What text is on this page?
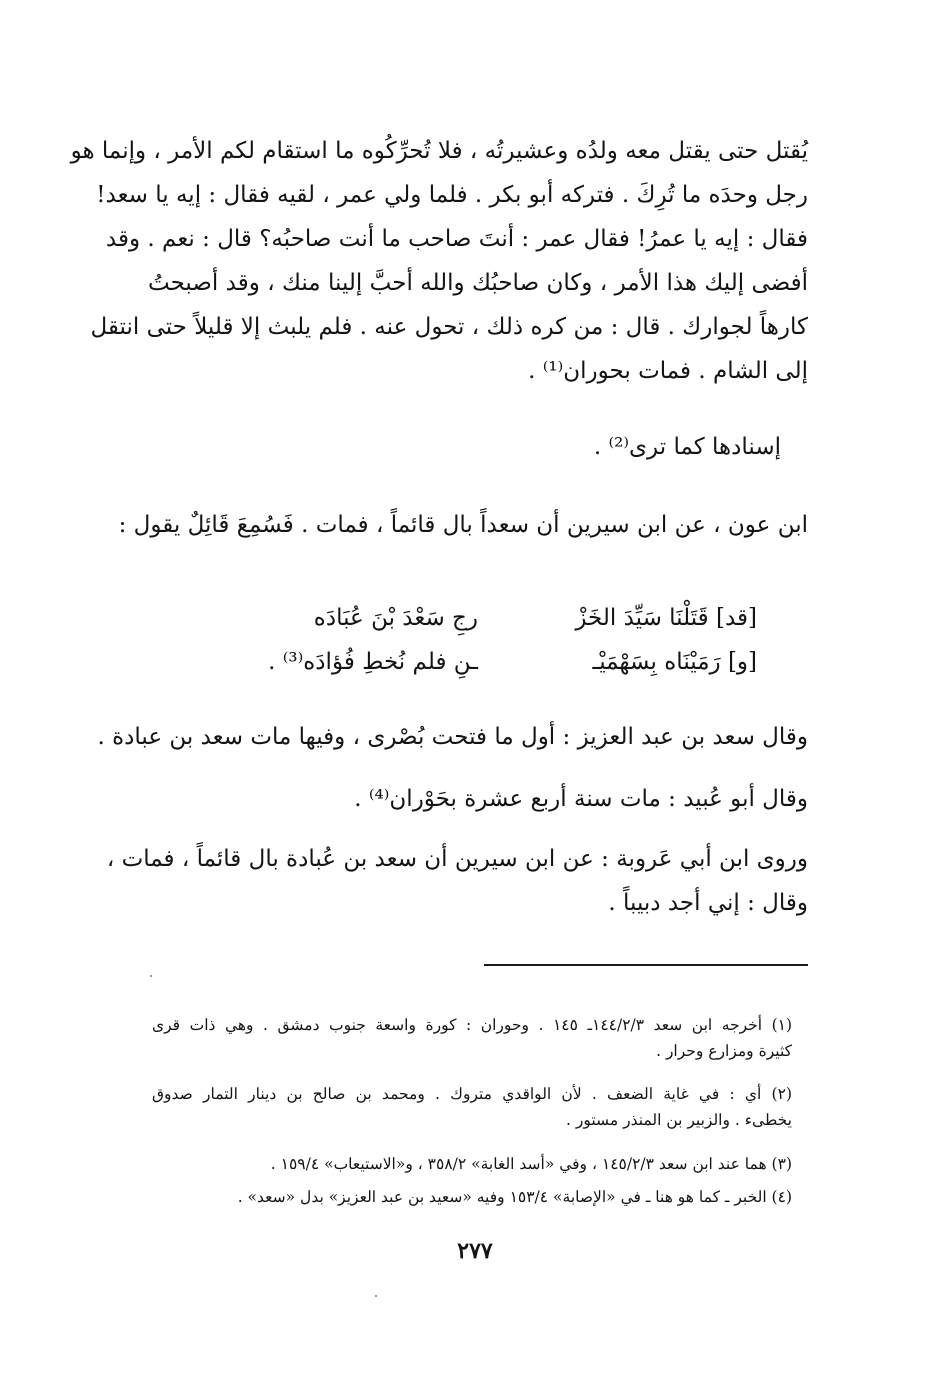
يُقتل حتى يقتل معه ولدُه وعشيرتُه ، فلا تُحرِّكُوه ما استقام لكم الأمر ، وإنما هو
رجل وحدَه ما تُرِكَ . فتركه أبو بكر . فلما ولي عمر ، لقيه فقال : إيه يا سعد!
فقال : إيه يا عمرُ! فقال عمر : أنتَ صاحب ما أنت صاحبُه؟ قال : نعم . وقد
أفضى إليك هذا الأمر ، وكان صاحبُك والله أحبَّ إلينا منك ، وقد أصبحتُ
كارهاً لجوارك . قال : من كره ذلك ، تحول عنه . فلم يلبث إلا قليلاً حتى انتقل
إلى الشام . فمات بحوران⁽¹⁾ .
إسنادها كما ترى⁽²⁾ .
ابن عون ، عن ابن سيرين أن سعداً بال قائماً ، فمات . فَسُمِعَ قَائِلٌ يقول :
[قد] قَتَلْنَا سَيِّدَ الخَزْ
رجِ سَعْدَ بْنَ عُبَادَه
[و] رَمَيْنَاه بِسَهْمَيْـ
ـنِ فلم نُخطِ فُؤادَه⁽³⁾ .
وقال سعد بن عبد العزيز : أول ما فتحت بُصْرى ، وفيها مات سعد بن عبادة .
وقال أبو عُبيد : مات سنة أربع عشرة بحَوْران⁽⁴⁾ .
وروى ابن أبي عَروبة : عن ابن سيرين أن سعد بن عُبادة بال قائماً ، فمات ،
وقال : إني أجد دبيباً .
(١) أخرجه ابن سعد ١٤٤/٢/٣ـ ١٤٥ . وحوران : كورة واسعة جنوب دمشق . وهي ذات قرى
كثيرة ومزارع وحرار .
(٢) أي : في غاية الضعف . لأن الواقدي متروك . ومحمد بن صالح بن دينار التمار صدوق
يخطىء . والزبير بن المنذر مستور .
(٣) هما عند ابن سعد ١٤٥/٢/٣ ، وفي «أسد الغابة» ٣٥٨/٢ ، و«الاستيعاب» ١٥٩/٤ .
(٤) الخبر ـ كما هو هنا ـ في «الإصابة» ١٥٣/٤ وفيه «سعيد بن عبد العزيز» بدل «سعد» .
٢٧٧
